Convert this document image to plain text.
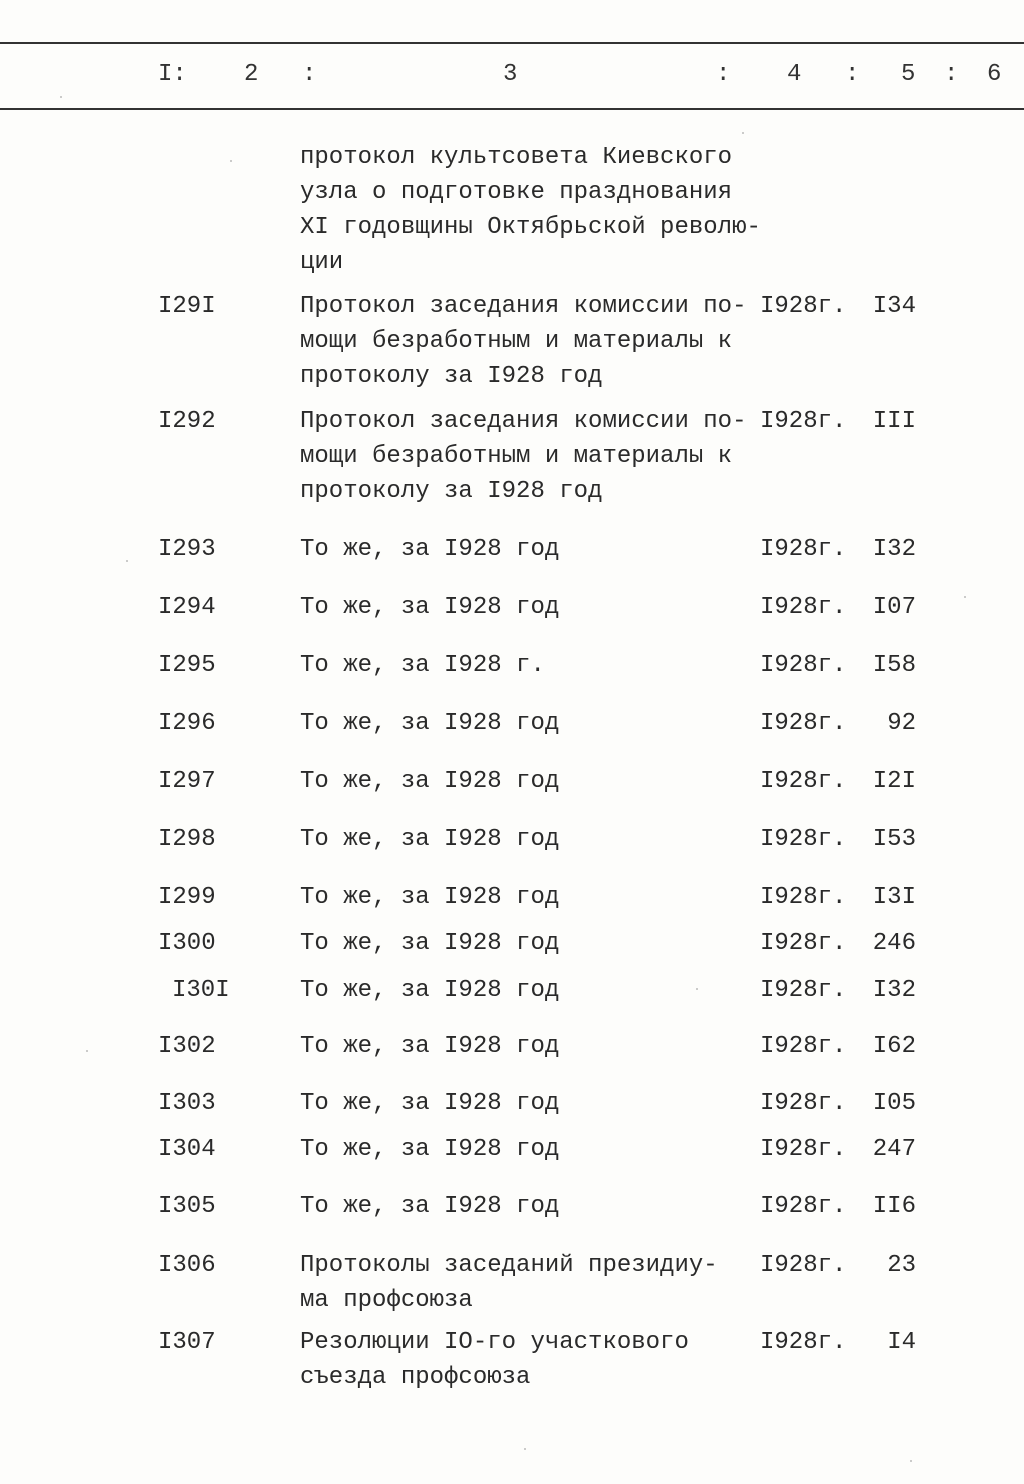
I: 2 :	3	: 4 : 5 : 6
протокол культсовета Киевского
узла о подготовке празднования
XI годовщины Октябрьской револю-
ции
I29I	Протокол заседания комиссии по-
мощи безработным и материалы к
протоколу за I928 год
I928г.	I34
I292	Протокол заседания комиссии по-
мощи безработным и материалы к
протоколу за I928 год
I928г.	III
I293	То же, за I928 год	I928г.	I32
I294	То же, за I928 год	I928г.	I07
I295	То же, за I928 г.	I928г.	I58
I296	То же, за I928 год	I928г.	92
I297	То же, за I928 год	I928г.	I2I
I298	То же, за I928 год	I928г.	I53
I299	То же, за I928 год	I928г.	I3I
I300	То же, за I928 год	I928г.	246
I30I	То же, за I928 год	I928г.	I32
I302	То же, за I928 год	I928г.	I62
I303	То же, за I928 год	I928г.	I05
I304	То же, за I928 год	I928г.	247
I305	То же, за I928 год	I928г.	II6
I306	Протоколы заседаний президиу-
ма профсоюза
I928г.	23
I307	Резолюции IO-го участкового
съезда профсоюза
I928г.	I4
